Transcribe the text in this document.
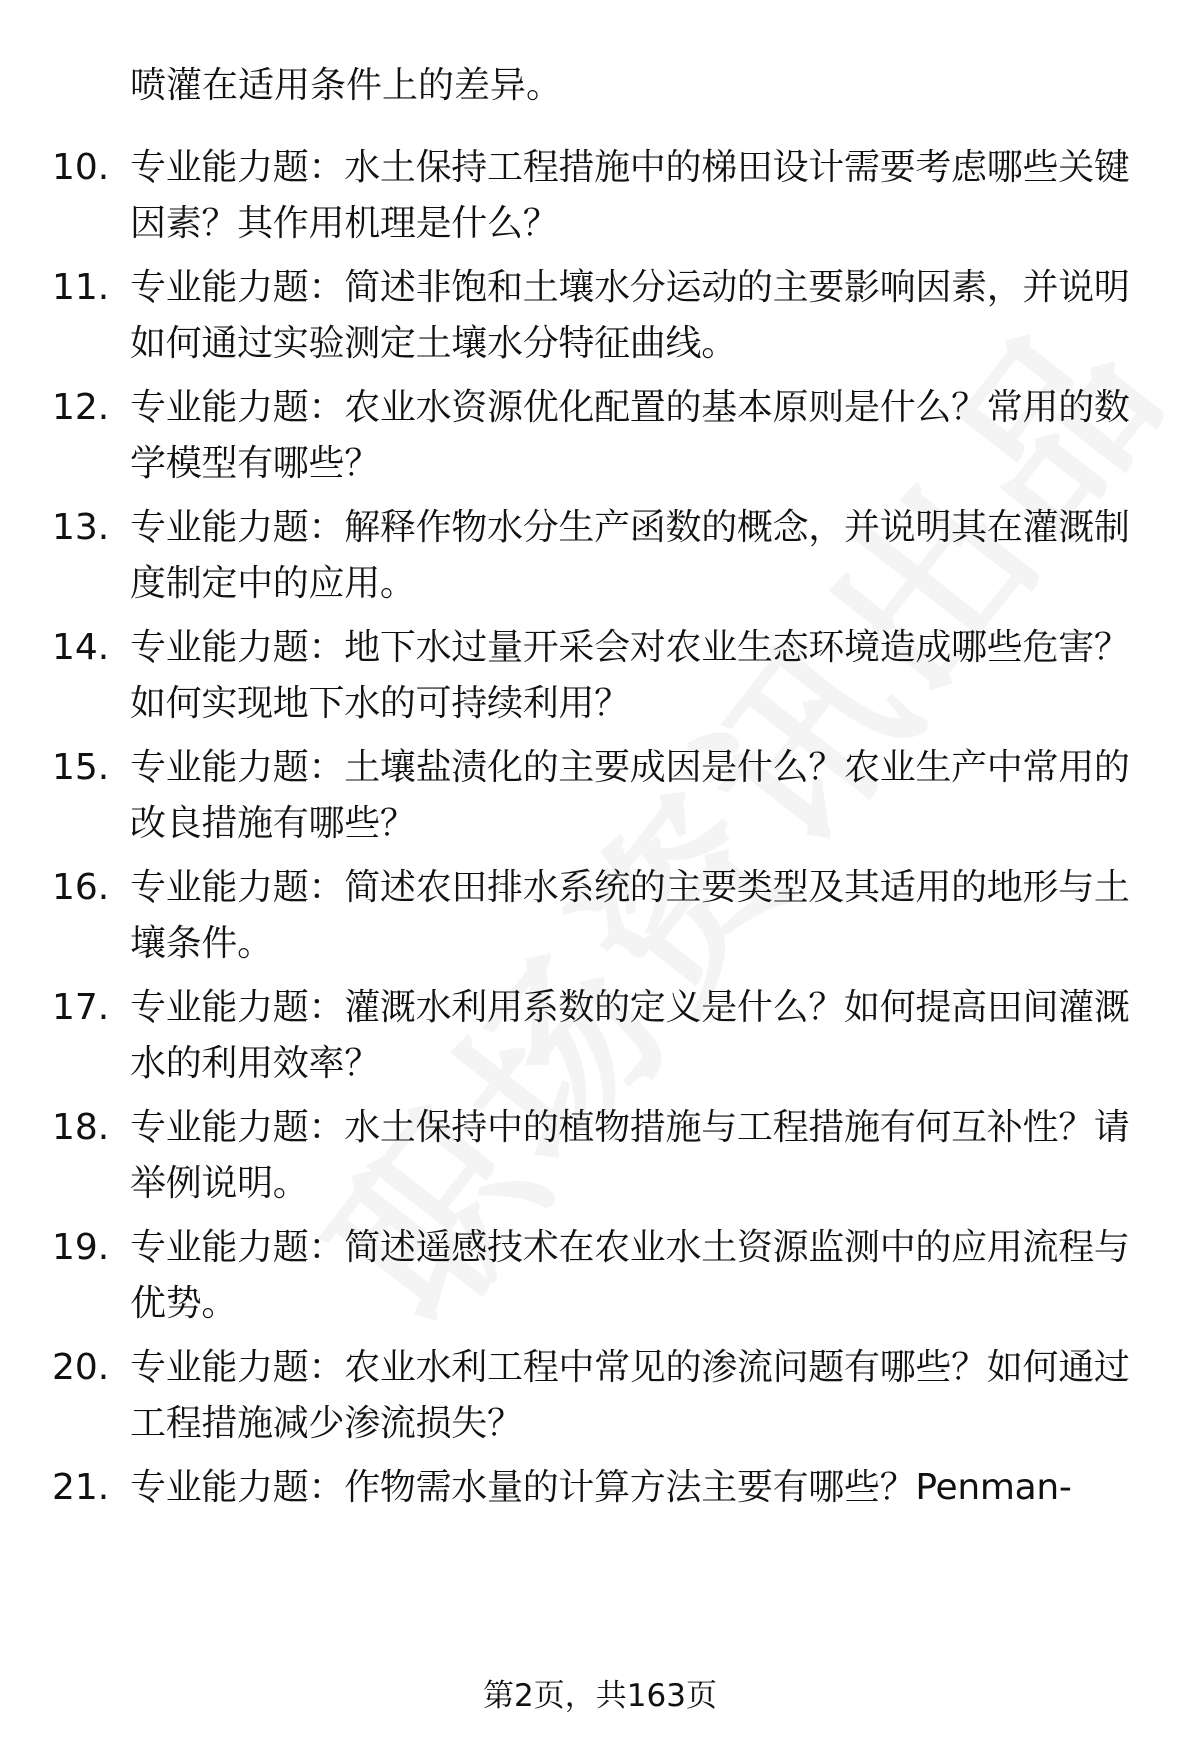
喷灌在适用条件上的差异。
10. 专业能力题：水土保持工程措施中的梯田设计需要考虑哪些关键
因素？其作用机理是什么？
11. 专业能力题：简述非饱和土壤水分运动的主要影响因素，并说明
如何通过实验测定土壤水分特征曲线。
12. 专业能力题：农业水资源优化配置的基本原则是什么？常用的数
学模型有哪些？
13. 专业能力题：解释作物水分生产函数的概念，并说明其在灌溉制
度制定中的应用。
14. 专业能力题：地下水过量开采会对农业生态环境造成哪些危害？
如何实现地下水的可持续利用？
15. 专业能力题：土壤盐渍化的主要成因是什么？农业生产中常用的
改良措施有哪些？
16. 专业能力题：简述农田排水系统的主要类型及其适用的地形与土
壤条件。
17. 专业能力题：灌溉水利用系数的定义是什么？如何提高田间灌溉
水的利用效率？
18. 专业能力题：水土保持中的植物措施与工程措施有何互补性？请
举例说明。
19. 专业能力题：简述遥感技术在农业水土资源监测中的应用流程与
优势。
20. 专业能力题：农业水利工程中常见的渗流问题有哪些？如何通过
工程措施减少渗流损失？
21. 专业能力题：作物需水量的计算方法主要有哪些？Penman-
第2页，共163页
